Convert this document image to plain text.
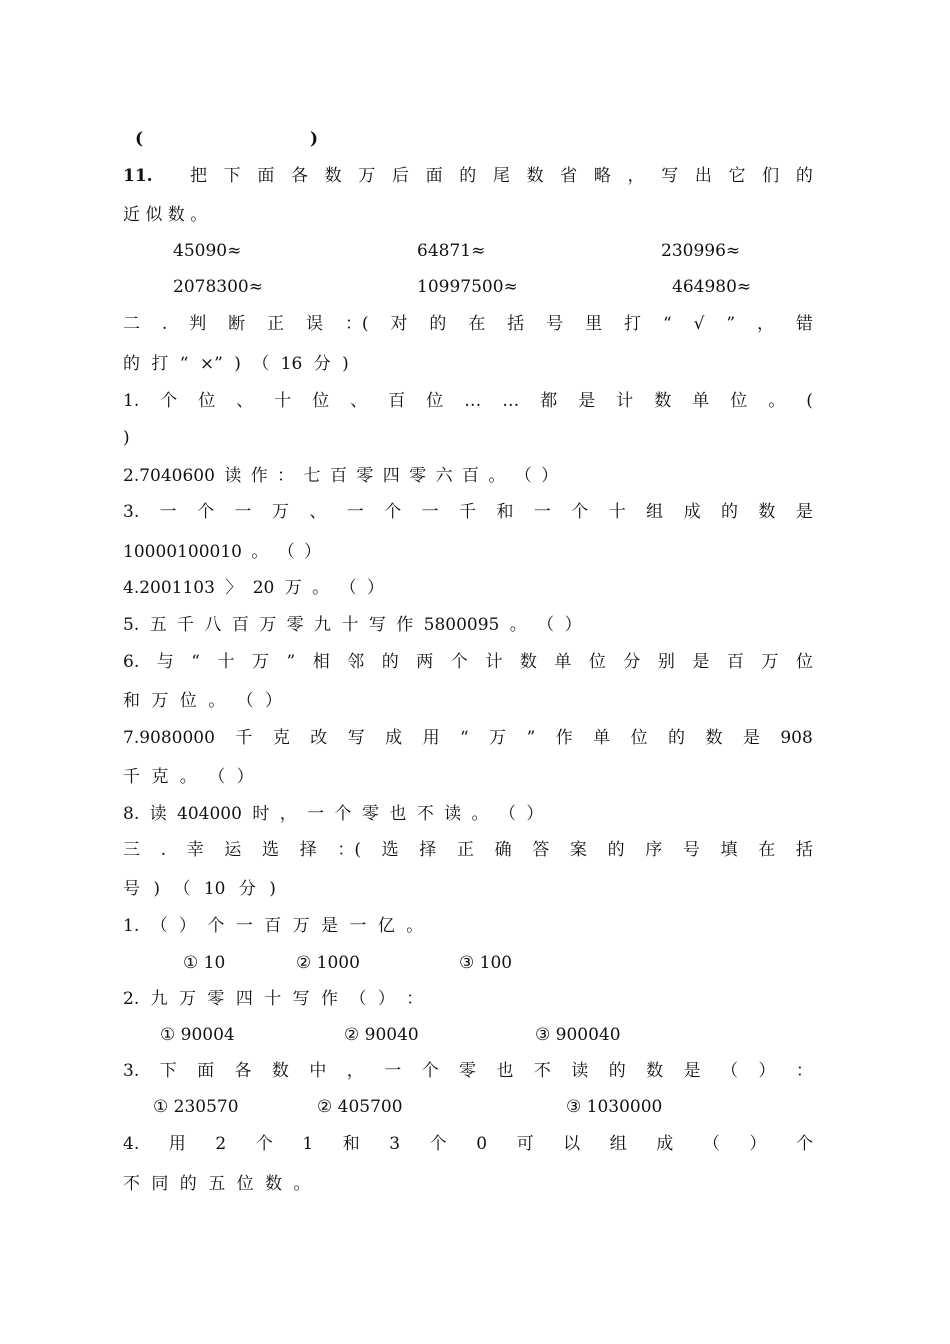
(	)
11. 把 下 面 各 数 万 后 面 的 尾 数 省 略 ， 写 出 它 们 的
近 似 数 。
45090≈	64871≈	230996≈
2078300≈	10997500≈	464980≈
二 . 判 断 正 误 ：( 对 的 在 括 号 里 打 “ √ ” ， 错
的 打 “ ×” ) （ 16 分 )
1. 个 位 、 十 位 、 百 位 … … 都 是 计 数 单 位 。 (
)
2.7040600 读 作 ： 七 百 零 四 零 六 百 。 （ ）
3. 一 个 一 万 、 一 个 一 千 和 一 个 十 组 成 的 数 是
10000100010 。 （ ）
4.2001103 〉 20 万 。 （ ）
5. 五 千 八 百 万 零 九 十 写 作 5800095 。 （ ）
6. 与 “ 十 万 ” 相 邻 的 两 个 计 数 单 位 分 别 是 百 万 位
和 万 位 。 （ ）
7.9080000 千 克 改 写 成 用 “ 万 ” 作 单 位 的 数 是 908
千 克 。 （ ）
8. 读 404000 时 ， 一 个 零 也 不 读 。 （ ）
三 . 幸 运 选 择 ：( 选 择 正 确 答 案 的 序 号 填 在 括
号 ) （ 10 分 )
1. （ ） 个 一 百 万 是 一 亿 。
① 10	② 1000	③ 100
2. 九 万 零 四 十 写 作 （ ） ：
① 90004	② 90040	③ 900040
3. 下 面 各 数 中 ， 一 个 零 也 不 读 的 数 是 （ ） ：
① 230570	② 405700	③ 1030000
4. 用 2 个 1 和 3 个 0 可 以 组 成 （ ） 个
不 同 的 五 位 数 。
